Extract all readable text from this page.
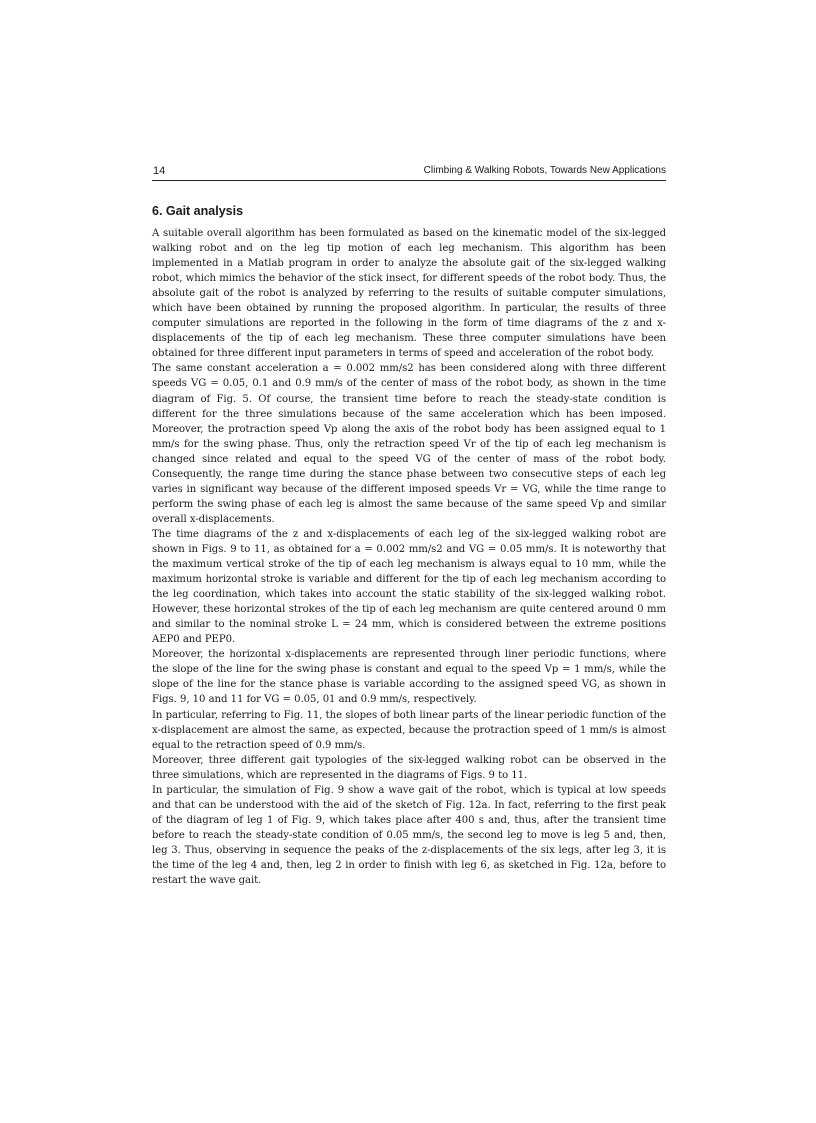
14	Climbing & Walking Robots, Towards New Applications
6. Gait analysis

A suitable overall algorithm has been formulated as based on the kinematic model of the six-legged walking robot and on the leg tip motion of each leg mechanism. This algorithm has been implemented in a Matlab program in order to analyze the absolute gait of the six-legged walking robot, which mimics the behavior of the stick insect, for different speeds of the robot body. Thus, the absolute gait of the robot is analyzed by referring to the results of suitable computer simulations, which have been obtained by running the proposed algorithm. In particular, the results of three computer simulations are reported in the following in the form of time diagrams of the z and x-displacements of the tip of each leg mechanism. These three computer simulations have been obtained for three different input parameters in terms of speed and acceleration of the robot body.

The same constant acceleration a = 0.002 mm/s2 has been considered along with three different speeds VG = 0.05, 0.1 and 0.9 mm/s of the center of mass of the robot body, as shown in the time diagram of Fig. 5. Of course, the transient time before to reach the steady-state condition is different for the three simulations because of the same acceleration which has been imposed. Moreover, the protraction speed Vp along the axis of the robot body has been assigned equal to 1 mm/s for the swing phase. Thus, only the retraction speed Vr of the tip of each leg mechanism is changed since related and equal to the speed VG of the center of mass of the robot body. Consequently, the range time during the stance phase between two consecutive steps of each leg varies in significant way because of the different imposed speeds Vr = VG, while the time range to perform the swing phase of each leg is almost the same because of the same speed Vp and similar overall x-displacements.

The time diagrams of the z and x-displacements of each leg of the six-legged walking robot are shown in Figs. 9 to 11, as obtained for a = 0.002 mm/s2 and VG = 0.05 mm/s. It is noteworthy that the maximum vertical stroke of the tip of each leg mechanism is always equal to 10 mm, while the maximum horizontal stroke is variable and different for the tip of each leg mechanism according to the leg coordination, which takes into account the static stability of the six-legged walking robot. However, these horizontal strokes of the tip of each leg mechanism are quite centered around 0 mm and similar to the nominal stroke L = 24 mm, which is considered between the extreme positions AEP0 and PEP0.

Moreover, the horizontal x-displacements are represented through liner periodic functions, where the slope of the line for the swing phase is constant and equal to the speed Vp = 1 mm/s, while the slope of the line for the stance phase is variable according to the assigned speed VG, as shown in Figs. 9, 10 and 11 for VG = 0.05, 01 and 0.9 mm/s, respectively.

In particular, referring to Fig. 11, the slopes of both linear parts of the linear periodic function of the x-displacement are almost the same, as expected, because the protraction speed of 1 mm/s is almost equal to the retraction speed of 0.9 mm/s.

Moreover, three different gait typologies of the six-legged walking robot can be observed in the three simulations, which are represented in the diagrams of Figs. 9 to 11.

In particular, the simulation of Fig. 9 show a wave gait of the robot, which is typical at low speeds and that can be understood with the aid of the sketch of Fig. 12a. In fact, referring to the first peak of the diagram of leg 1 of Fig. 9, which takes place after 400 s and, thus, after the transient time before to reach the steady-state condition of 0.05 mm/s, the second leg to move is leg 5 and, then, leg 3. Thus, observing in sequence the peaks of the z-displacements of the six legs, after leg 3, it is the time of the leg 4 and, then, leg 2 in order to finish with leg 6, as sketched in Fig. 12a, before to restart the wave gait.
